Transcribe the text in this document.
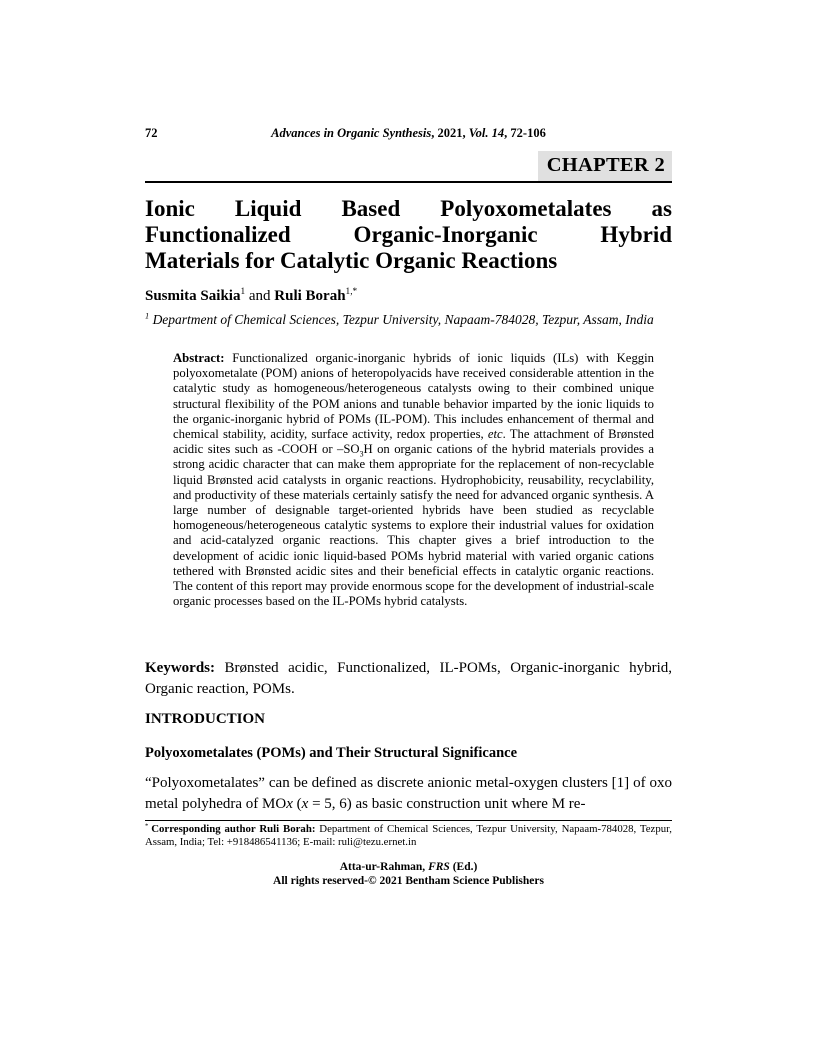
72	Advances in Organic Synthesis, 2021, Vol. 14, 72-106
CHAPTER 2
Ionic Liquid Based Polyoxometalates as
Functionalized Organic-Inorganic Hybrid
Materials for Catalytic Organic Reactions
Susmita Saikia$^1$ and Ruli Borah$^{1,*}$
$^1$ Department of Chemical Sciences, Tezpur University, Napaam-784028, Tezpur, Assam, India
Abstract: Functionalized organic-inorganic hybrids of ionic liquids (ILs) with Keggin polyoxometalate (POM) anions of heteropolyacids have received considerable attention in the catalytic study as homogeneous/heterogeneous catalysts owing to their combined unique structural flexibility of the POM anions and tunable behavior imparted by the ionic liquids to the organic-inorganic hybrid of POMs (IL-POM). This includes enhancement of thermal and chemical stability, acidity, surface activity, redox properties, etc. The attachment of Brønsted acidic sites such as -COOH or $-SO_3H$ on organic cations of the hybrid materials provides a strong acidic character that can make them appropriate for the replacement of non-recyclable liquid Brønsted acid catalysts in organic reactions. Hydrophobicity, reusability, recyclability, and productivity of these materials certainly satisfy the need for advanced organic synthesis. A large number of designable target-oriented hybrids have been studied as recyclable homogeneous/heterogeneous catalytic systems to explore their industrial values for oxidation and acid-catalyzed organic reactions. This chapter gives a brief introduction to the development of acidic ionic liquid-based POMs hybrid material with varied organic cations tethered with Brønsted acidic sites and their beneficial effects in catalytic organic reactions. The content of this report may provide enormous scope for the development of industrial-scale organic processes based on the IL-POMs hybrid catalysts.
Keywords: Brønsted acidic, Functionalized, IL-POMs, Organic-inorganic hybrid, Organic reaction, POMs.
INTRODUCTION
Polyoxometalates (POMs) and Their Structural Significance
“Polyoxometalates” can be defined as discrete anionic metal-oxygen clusters [1] of oxo metal polyhedra of MOx (x = 5, 6) as basic construction unit where M re-
* Corresponding author Ruli Borah: Department of Chemical Sciences, Tezpur University, Napaam-784028, Tezpur, Assam, India; Tel: +918486541136; E-mail: ruli@tezu.ernet.in
Atta-ur-Rahman, FRS (Ed.)
All rights reserved-© 2021 Bentham Science Publishers
